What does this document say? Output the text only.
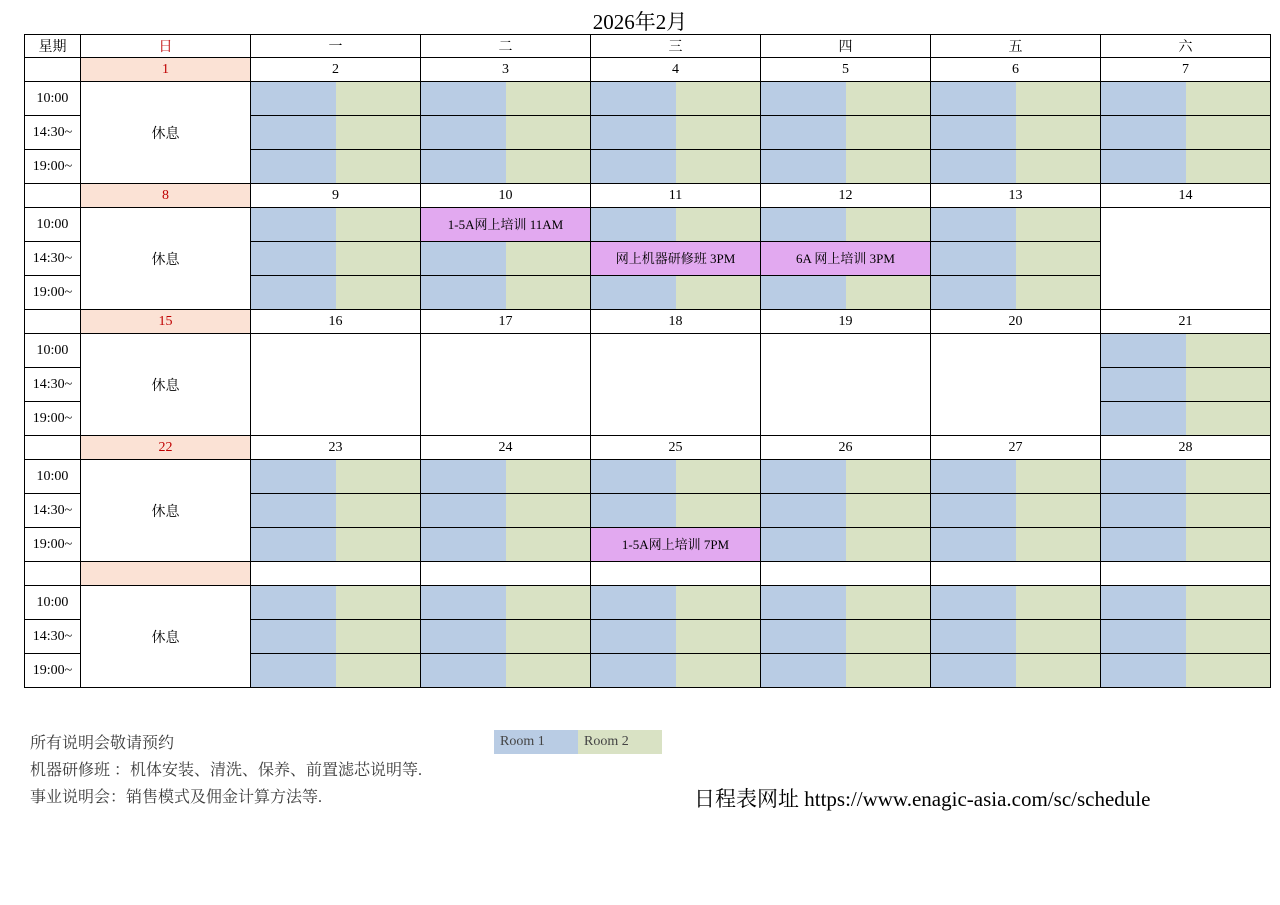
2026年2月
星期	日	一	二	三	四	五	六
	1	2	3	4	5	6	7
10:00	休息	

14:30~		

19:00~		

	8	9	10	11	12	13	14
10:00	休息		1-5A网上培训 11AM				新年快乐
14:30~				网上机器研修班 3PM	6A 网上培训 3PM		

19:00~			

	15	16	17	18	19	20	21
10:00	休息	新年快乐	新年快乐	新年快乐	新年快乐	新年快乐	

14:30~							

19:00~							

	22	23	24	25	26	27	28
10:00	休息	

14:30~		

19:00~				1-5A网上培训 7PM			

10:00	休息	

14:30~		

19:00~		

Room 1	Room 2
所有说明会敬请预约
机器研修班 ：机体安装、清洗、保养、前置滤芯说明等.
事业说明会：销售模式及佣金计算方法等.	日程表网址 https://www.enagic-asia.com/sc/schedule
